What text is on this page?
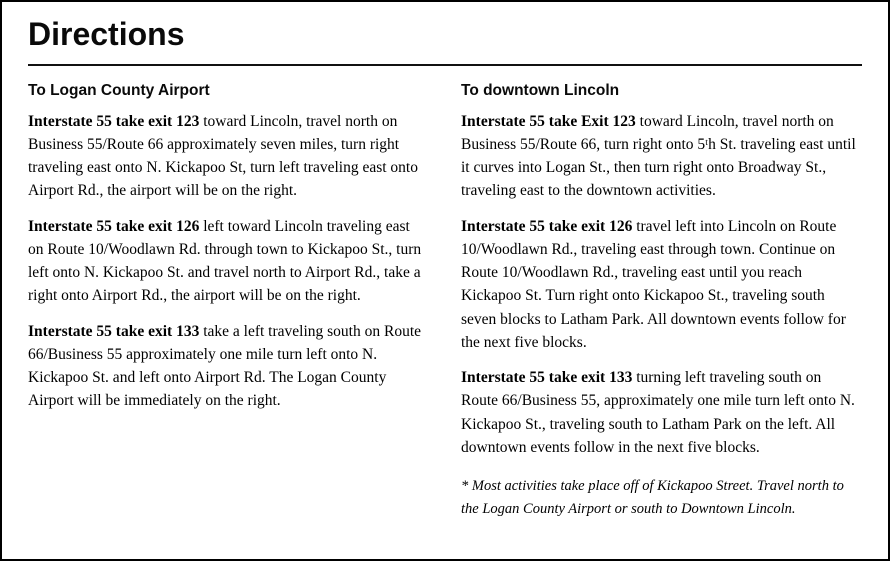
Directions
To Logan County Airport

Interstate 55 take exit 123 toward Lincoln, travel north on Business 55/Route 66 approximately seven miles, turn right traveling east onto N. Kickapoo St, turn left traveling east onto Airport Rd., the airport will be on the right.

Interstate 55 take exit 126 left toward Lincoln traveling east on Route 10/Woodlawn Rd. through town to Kickapoo St., turn left onto N. Kickapoo St. and travel north to Airport Rd., take a right onto Airport Rd., the airport will be on the right.

Interstate 55 take exit 133 take a left traveling south on Route 66/Business 55 approximately one mile turn left onto N. Kickapoo St. and left onto Airport Rd. The Logan County Airport will be immediately on the right.

To downtown Lincoln

Interstate 55 take Exit 123 toward Lincoln, travel north on Business 55/Route 66, turn right onto 5ᵗh St. traveling east until it curves into Logan St., then turn right onto Broadway St., traveling east to the downtown activities.

Interstate 55 take exit 126 travel left into Lincoln on Route 10/Woodlawn Rd., traveling east through town. Continue on Route 10/Woodlawn Rd., traveling east until you reach Kickapoo St. Turn right onto Kickapoo St., traveling south seven blocks to Latham Park. All downtown events follow for the next five blocks.

Interstate 55 take exit 133 turning left traveling south on Route 66/Business 55, approximately one mile turn left onto N. Kickapoo St., traveling south to Latham Park on the left. All downtown events follow in the next five blocks.

* Most activities take place off of Kickapoo Street. Travel north to the Logan County Airport or south to Downtown Lincoln.
